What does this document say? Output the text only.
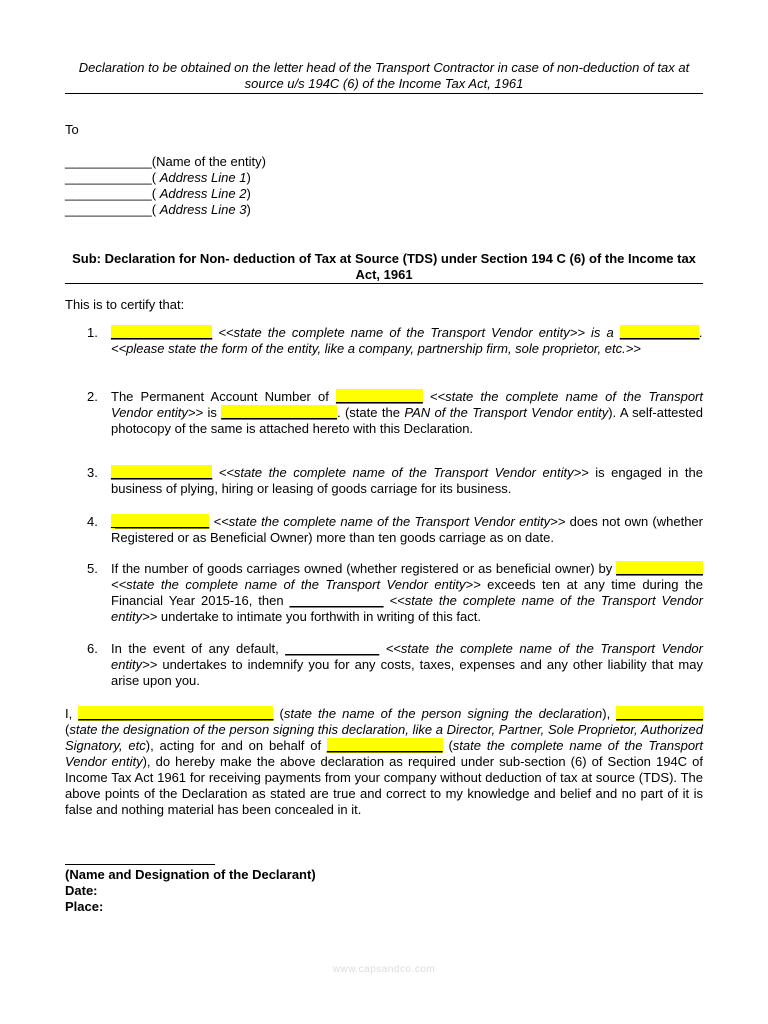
Declaration to be obtained on the letter head of the Transport Contractor in case of non-deduction of tax at
source u/s 194C (6) of the Income Tax Act, 1961
To
____________(Name of the entity)
____________( Address Line 1)
____________( Address Line 2)
____________( Address Line 3)
Sub: Declaration for Non- deduction of Tax at Source (TDS) under Section 194 C (6) of the Income tax
Act, 1961
This is to certify that:
1. ______________ <<state the complete name of the Transport Vendor entity>> is a ___________.<<please state the form of the entity, like a company, partnership firm, sole proprietor, etc.>>
2. The Permanent Account Number of ____________ <<state the complete name of the Transport Vendor entity>> is ________________. (state the PAN of the Transport Vendor entity). A self-attested photocopy of the same is attached hereto with this Declaration.
3. ______________ <<state the complete name of the Transport Vendor entity>> is engaged in the business of plying, hiring or leasing of goods carriage for its business.
4. _____________ <<state the complete name of the Transport Vendor entity>> does not own (whether Registered or as Beneficial Owner) more than ten goods carriage as on date.
5. If the number of goods carriages owned (whether registered or as beneficial owner) by ____________ <<state the complete name of the Transport Vendor entity>> exceeds ten at any time during the Financial Year 2015-16, then _____________ <<state the complete name of the Transport Vendor entity>> undertake to intimate you forthwith in writing of this fact.
6. In the event of any default, _____________ <<state the complete name of the Transport Vendor entity>> undertakes to indemnify you for any costs, taxes, expenses and any other liability that may arise upon you.
I, ___________________________ (state the name of the person signing the declaration), ____________ (state the designation of the person signing this declaration, like a Director, Partner, Sole Proprietor, Authorized Signatory, etc), acting for and on behalf of ________________ (state the complete name of the Transport Vendor entity), do hereby make the above declaration as required under sub-section (6) of Section 194C of Income Tax Act 1961 for receiving payments from your company without deduction of tax at source (TDS). The above points of the Declaration as stated are true and correct to my knowledge and belief and no part of it is false and nothing material has been concealed in it.
(Name and Designation of the Declarant)
Date:
Place:
www.capsandco.com
